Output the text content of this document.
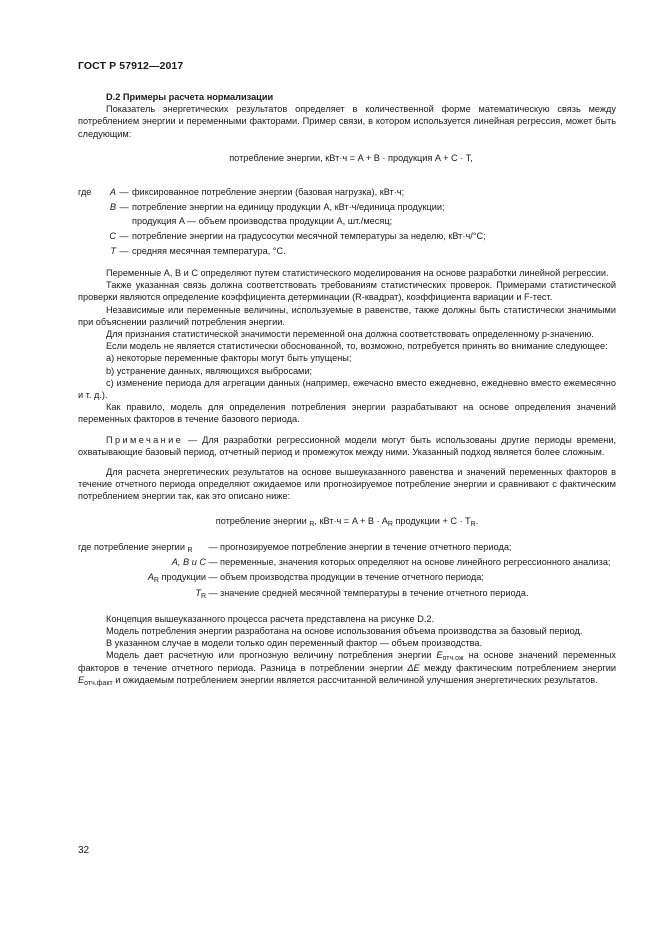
ГОСТ Р 57912—2017
D.2 Примеры расчета нормализации

Показатель энергетических результатов определяет в количественной форме математическую связь между потреблением энергии и переменными факторами. Пример связи, в котором используется линейная регрессия, может быть следующим:

потребление энергии, кВт·ч = A + B · продукция A + C · T,

где	A — фиксированное потребление энергии (базовая нагрузка), кВт·ч;
B — потребление энергии на единицу продукции A, кВт·ч/единица продукции;
продукция A — объем производства продукции A, шт./месяц;
C — потребление энергии на градусосутки месячной температуры за неделю, кВт·ч/°C;
T — средняя месячная температура, °C.

Переменные A, B и C определяют путем статистического моделирования на основе разработки линейной регрессии.

Также указанная связь должна соответствовать требованиям статистических проверок. Примерами статистической проверки являются определение коэффициента детерминации (R-квадрат), коэффициента вариации и F-тест.

Независимые или переменные величины, используемые в равенстве, также должны быть статистически значимыми при объяснении различий потребления энергии.

Для признания статистической значимости переменной она должна соответствовать определенному p-значению.

Если модель не является статистически обоснованной, то, возможно, потребуется принять во внимание следующее:

a) некоторые переменные факторы могут быть упущены;

b) устранение данных, являющихся выбросами;

c) изменение периода для агрегации данных (например, ежечасно вместо ежедневно, ежедневно вместо ежемесячно и т. д.).

Как правило, модель для определения потребления энергии разрабатывают на основе определения значений переменных факторов в течение базового периода.

Примечание — Для разработки регрессионной модели могут быть использованы другие периоды времени, охватывающие базовый период, отчетный период и промежуток между ними. Указанный подход является более сложным.

Для расчета энергетических результатов на основе вышеуказанного равенства и значений переменных факторов в течение отчетного периода определяют ожидаемое или прогнозируемое потребление энергии и сравнивают с фактическим потреблением энергии так, как это описано ниже:

потребление энергии $_R$, $кВт\cdot ч = A + B \cdot A_R$ продукции + $C \cdot T_R$.

где потребление энергии $_R$	— прогнозируемое потребление энергии в течение отчетного периода;
A, B и C — переменные, значения которых определяют на основе линейного регрессионного анализа;
$A_R$ продукции — объем производства продукции в течение отчетного периода;
$T_R$ — значение средней месячной температуры в течение отчетного периода.

Концепция вышеуказанного процесса расчета представлена на рисунке D.2.

Модель потребления энергии разработана на основе использования объема производства за базовый период.

В указанном случае в модели только один переменный фактор — объем производства.

Модель дает расчетную или прогнозную величину потребления энергии $E_{отч.ож}$ на основе значений переменных факторов в течение отчетного периода. Разница в потреблении энергии ΔE между фактическим потреблением энергии $E_{отч.факт}$ и ожидаемым потреблением энергии является рассчитанной величиной улучшения энергетических результатов.

32
